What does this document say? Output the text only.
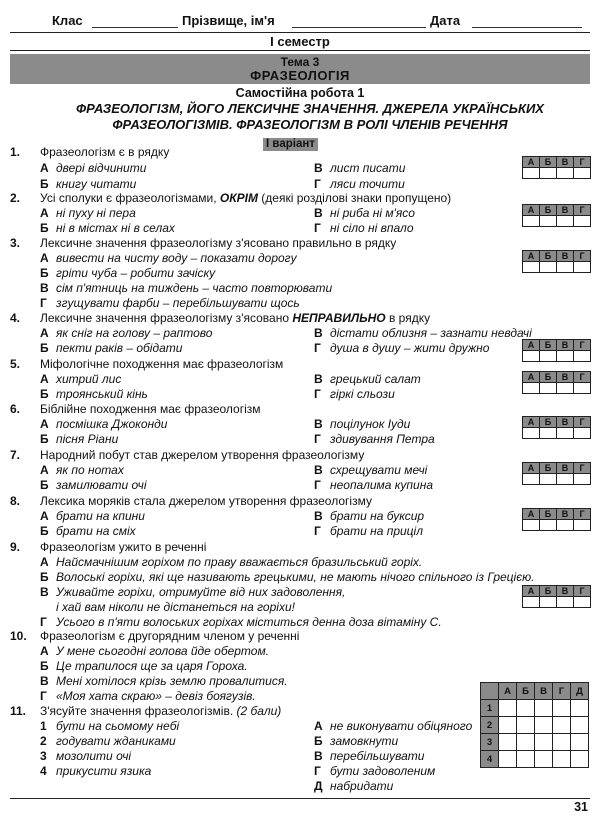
Клас	Прізвище, ім'я	Дата
І семестр
Тема 3
ФРАЗЕОЛОГІЯ
Самостійна робота 1
ФРАЗЕОЛОГІЗМ, ЙОГО ЛЕКСИЧНЕ ЗНАЧЕННЯ. ДЖЕРЕЛА УКРАЇНСЬКИХ
ФРАЗЕОЛОГІЗМІВ. ФРАЗЕОЛОГІЗМ В РОЛІ ЧЛЕНІВ РЕЧЕННЯ
І варіант
1. Фразеологізм є в рядку
А двері відчинити
Б книгу читати
В лист писати
Г ляси точити
А	Б	В	Г

2. Усі сполуки є фразеологізмами, ОКРІМ (деякі розділові знаки пропущено)
А ні пуху ні пера
Б ні в містах ні в селах
В ні риба ні м'ясо
Г ні сіло ні впало
А	Б	В	Г

3. Лексичне значення фразеологізму з'ясовано правильно в рядку
А вивести на чисту воду – показати дорогу
Б гріти чуба – робити зачіску
В сім п'ятниць на тиждень – часто повторювати
Г згущувати фарби – перебільшувати щось
А	Б	В	Г

4. Лексичне значення фразеологізму з'ясовано НЕПРАВИЛЬНО в рядку
А як сніг на голову – раптово
Б пекти раків – обідати
В дістати облизня – зазнати невдачі
Г душа в душу – жити дружно	А	Б	В	Г

5. Міфологічне походження має фразеологізм
А хитрий лис
Б троянський кінь
В грецький салат
Г гіркі сльози
А	Б	В	Г

6. Біблійне походження має фразеологізм
А посмішка Джоконди
Б пісня Ріани
В поцілунок Іуди
Г здивування Петра
А	Б	В	Г

7. Народний побут став джерелом утворення фразеологізму
А як по нотах
Б замилювати очі
В схрещувати мечі
Г неопалима купина
А	Б	В	Г

8. Лексика моряків стала джерелом утворення фразеологізму
А брати на кпини
Б брати на сміх
В брати на буксир
Г брати на приціл
А	Б	В	Г

9. Фразеологізм ужито в реченні
А Найсмачнішим горіхом по праву вважається бразильський горіх.
Б Волоські горіхи, які ще називають грецькими, не мають нічого спільного із Грецією.
В Уживайте горіхи, отримуйте від них задоволення,
і хай вам ніколи не дістанеться на горіхи!
Г Усього в п'яти волоських горіхах міститься денна доза вітаміну С.
А	Б	В	Г

10. Фразеологізм є другорядним членом у реченні
А У мене сьогодні голова йде обертом.
Б Це трапилося ще за царя Гороха.
В Мені хотілося крізь землю провалитися.
Г «Моя хата скраю» – девіз боягузів.
11. З'ясуйте значення фразеологізмів. (2 бали)
1 бути на сьомому небі
2 годувати жданиками
3 мозолити очі
4 прикусити язика
А не виконувати обіцяного
Б замовкнути
В перебільшувати
Г бути задоволеним
Д набридати
	А	Б	В	Г	Д
1					
2					
3					
4					
31
